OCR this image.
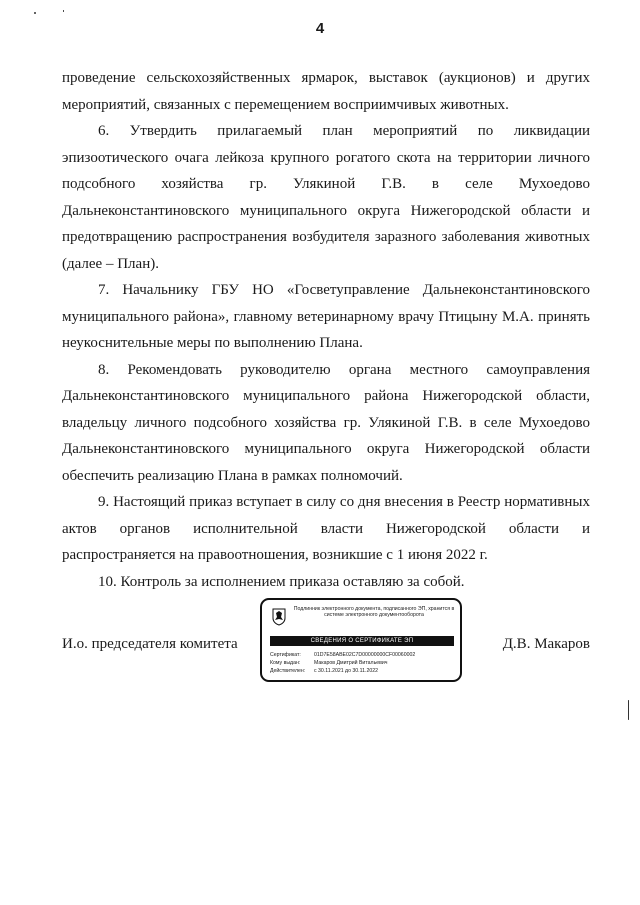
4

проведение сельскохозяйственных ярмарок, выставок (аукционов) и других мероприятий, связанных с перемещением восприимчивых животных.

6. Утвердить прилагаемый план мероприятий по ликвидации эпизоотического очага лейкоза крупного рогатого скота на территории личного подсобного хозяйства гр. Улякиной Г.В. в селе Мухоедово Дальнеконстантиновского муниципального округа Нижегородской области и предотвращению распространения возбудителя заразного заболевания животных (далее – План).

7. Начальнику ГБУ НО «Госветуправление Дальнеконстантиновского муниципального района», главному ветеринарному врачу Птицыну М.А. принять неукоснительные меры по выполнению Плана.

8. Рекомендовать руководителю органа местного самоуправления Дальнеконстантиновского муниципального района Нижегородской области, владельцу личного подсобного хозяйства гр. Улякиной Г.В. в селе Мухоедово Дальнеконстантиновского муниципального округа Нижегородской области обеспечить реализацию Плана в рамках полномочий.

9. Настоящий приказ вступает в силу со дня внесения в Реестр нормативных актов органов исполнительной власти Нижегородской области и распространяется на правоотношения, возникшие с 1 июня 2022 г.

10. Контроль за исполнением приказа оставляю за собой.

И.о. председателя комитета
Подлинник электронного документа, подписанного ЭП, хранится в системе электронного документооборота
СВЕДЕНИЯ О СЕРТИФИКАТЕ ЭП
Сертификат:	01D7E58ABE02C7D00000000CF00060002
Кому выдан:	Макаров Дмитрий Витальевич
Действителен: с 30.11.2021 до 30.11.2022
Д.В. Макаров
